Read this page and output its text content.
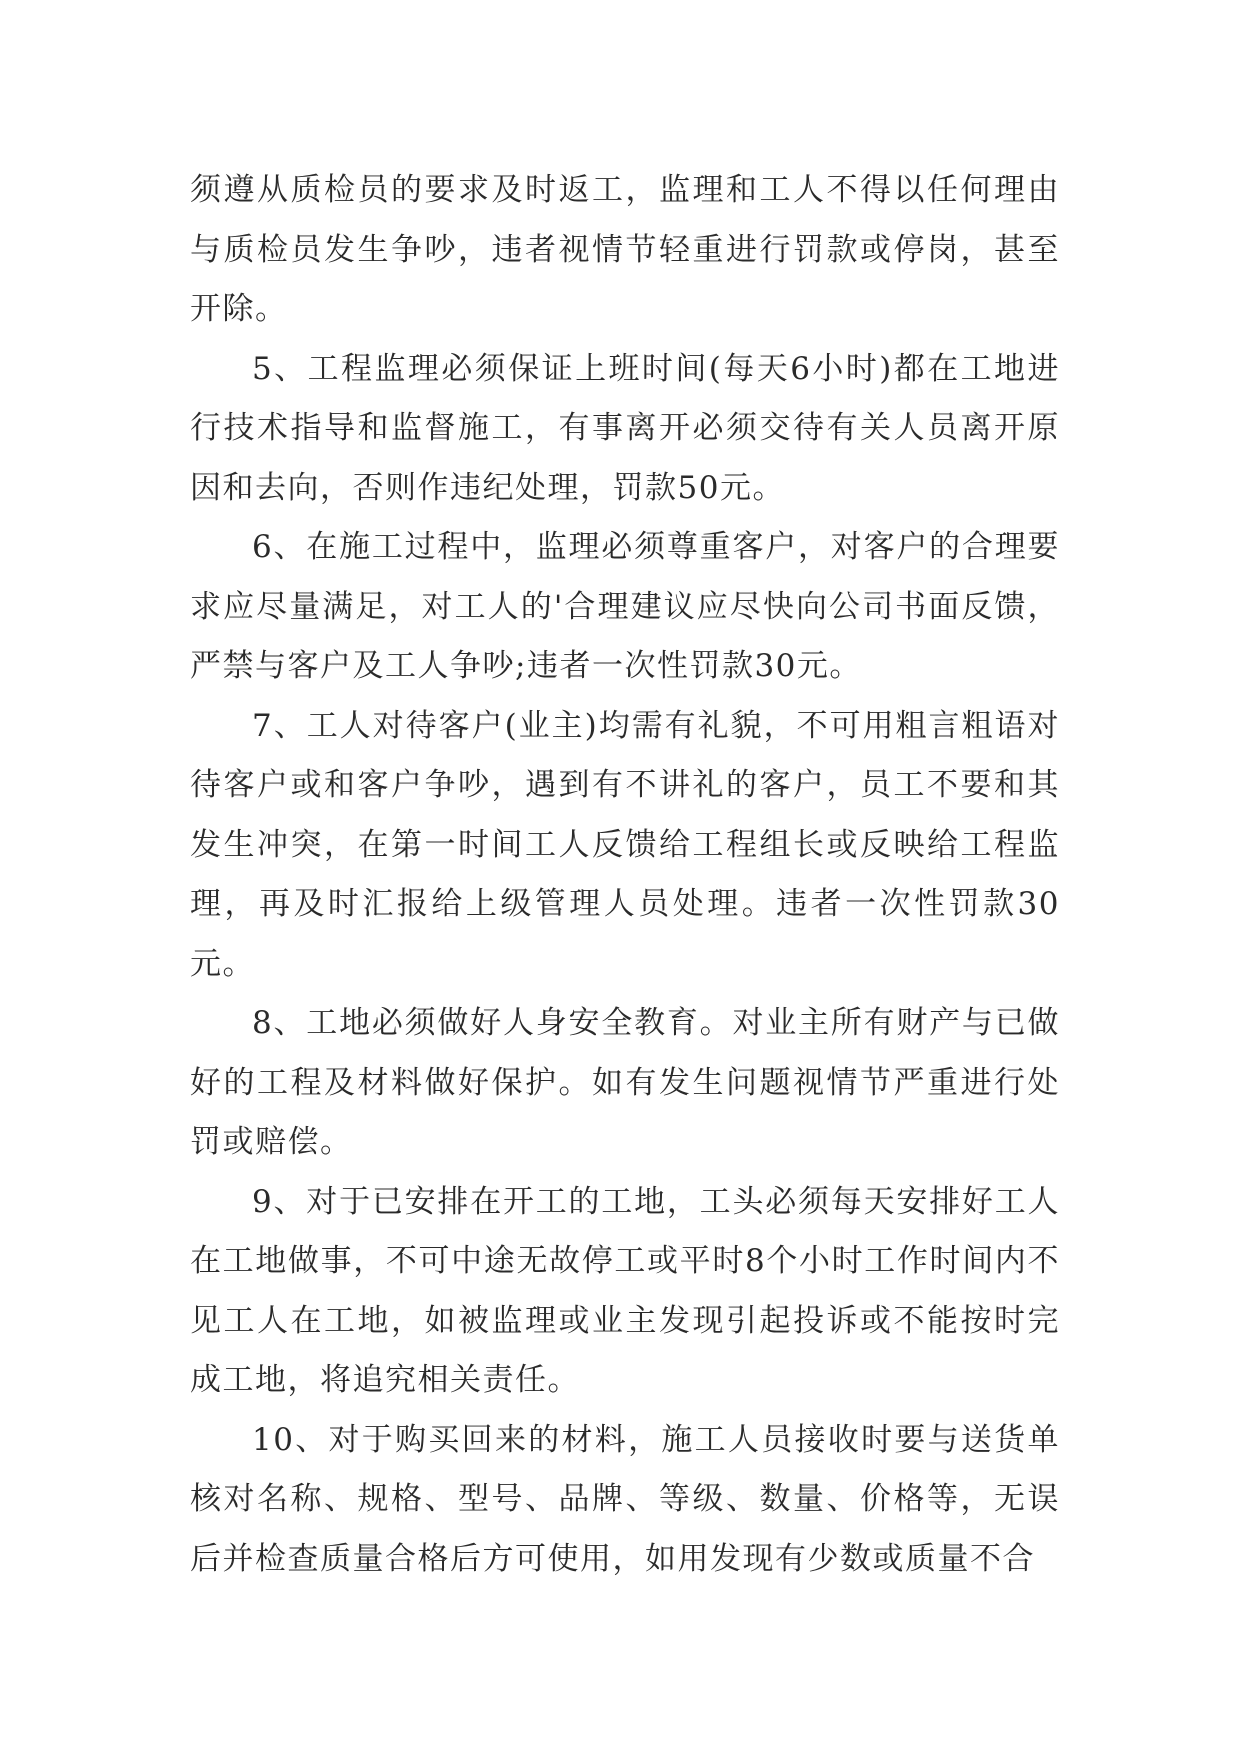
须遵从质检员的要求及时返工，监理和工人不得以任何理由与质检员发生争吵，违者视情节轻重进行罚款或停岗，甚至开除。

5、工程监理必须保证上班时间(每天6小时)都在工地进行技术指导和监督施工，有事离开必须交待有关人员离开原因和去向，否则作违纪处理，罚款50元。

6、在施工过程中，监理必须尊重客户，对客户的合理要求应尽量满足，对工人的'合理建议应尽快向公司书面反馈，严禁与客户及工人争吵;违者一次性罚款30元。

7、工人对待客户(业主)均需有礼貌，不可用粗言粗语对待客户或和客户争吵，遇到有不讲礼的客户，员工不要和其发生冲突，在第一时间工人反馈给工程组长或反映给工程监理，再及时汇报给上级管理人员处理。违者一次性罚款30元。

8、工地必须做好人身安全教育。对业主所有财产与已做好的工程及材料做好保护。如有发生问题视情节严重进行处罚或赔偿。

9、对于已安排在开工的工地，工头必须每天安排好工人在工地做事，不可中途无故停工或平时8个小时工作时间内不见工人在工地，如被监理或业主发现引起投诉或不能按时完成工地，将追究相关责任。

10、对于购买回来的材料，施工人员接收时要与送货单核对名称、规格、型号、品牌、等级、数量、价格等，无误后并检查质量合格后方可使用，如用发现有少数或质量不合
